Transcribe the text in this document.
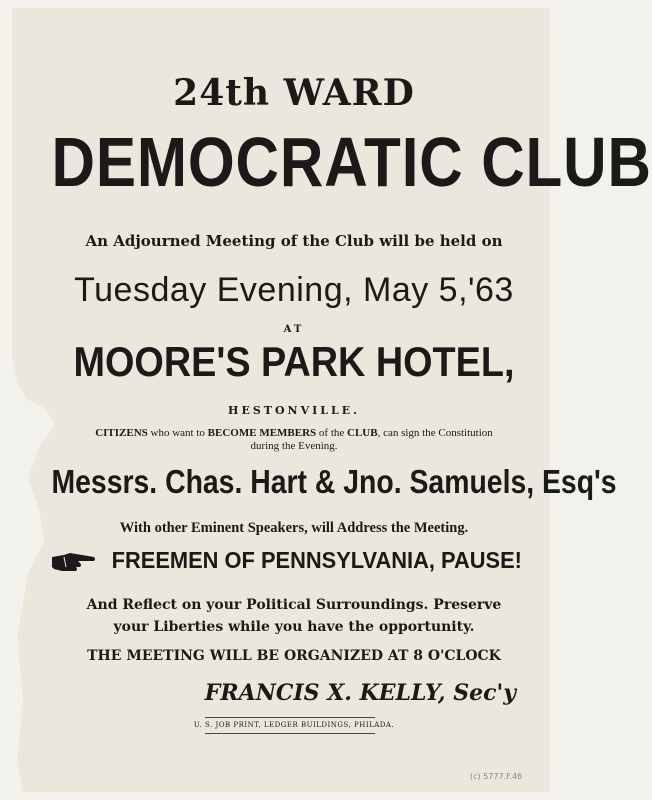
24th WARD
DEMOCRATIC CLUB
An Adjourned Meeting of the Club will be held on
Tuesday Evening, May 5,'63
AT
MOORE'S PARK HOTEL,
HESTONVILLE.
CITIZENS who want to BECOME MEMBERS of the CLUB, can sign the Constitution
during the Evening.
Messrs. Chas. Hart & Jno. Samuels, Esq's
With other Eminent Speakers, will Address the Meeting.
FREEMEN OF PENNSYLVANIA, PAUSE!
And Reflect on your Political Surroundings. Preserve
your Liberties while you have the opportunity.
THE MEETING WILL BE ORGANIZED AT 8 O'CLOCK
FRANCIS X. KELLY, Sec'y
U. S. JOB PRINT, LEDGER BUILDINGS, PHILADA.
(c) 5777.F.46
